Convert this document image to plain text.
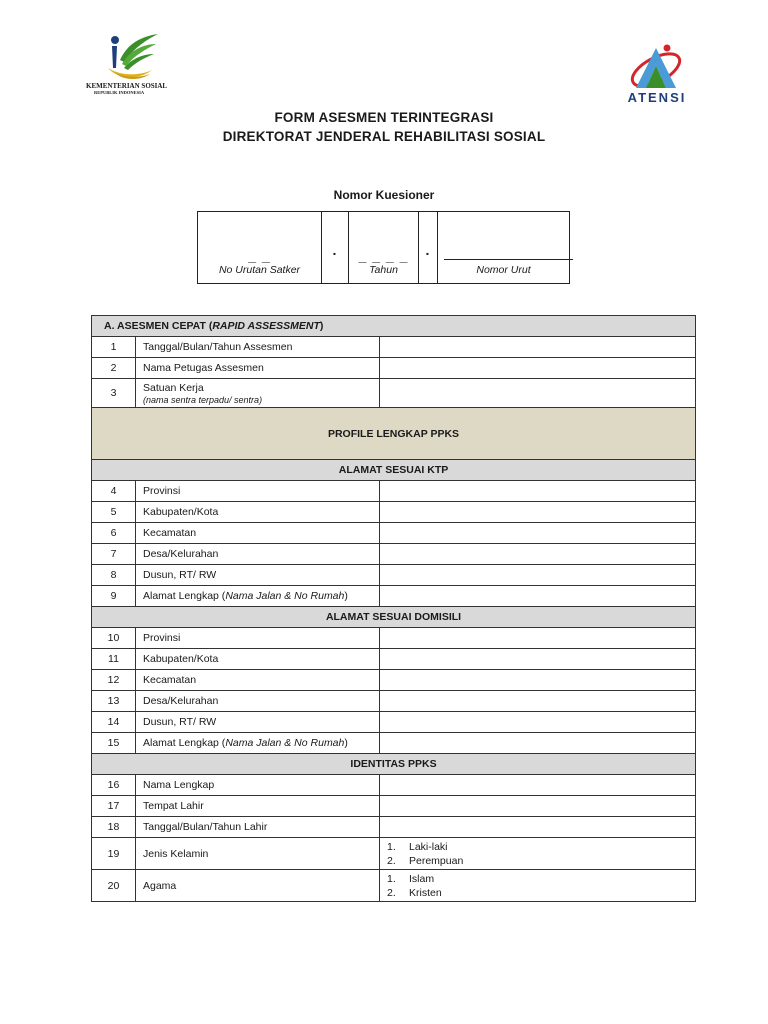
KEMENTERIAN SOSIAL
REPUBLIK INDONESIA	ATENSI
FORM ASESMEN TERINTEGRASI
DIREKTORAT JENDERAL REHABILITASI SOSIAL
Nomor Kuesioner
_ _
No Urutan Satker
.	_ _ _ _
Tahun
.
Nomor Urut
A. ASESMEN CEPAT (RAPID ASSESSMENT)		
1	Tanggal/Bulan/Tahun Assesmen	
2	Nama Petugas Assesmen	
3	Satuan Kerja
(nama sentra terpadu/ sentra)	

PROFILE LENGKAP PPKS		
ALAMAT SESUAI KTP		
4	Provinsi	
5	Kabupaten/Kota	
6	Kecamatan	
7	Desa/Kelurahan	
8	Dusun, RT/ RW	
9	Alamat Lengkap (Nama Jalan & No Rumah)	
ALAMAT SESUAI DOMISILI		
10	Provinsi	
11	Kabupaten/Kota	
12	Kecamatan	
13	Desa/Kelurahan	
14	Dusun, RT/ RW	
15	Alamat Lengkap (Nama Jalan & No Rumah)	
IDENTITAS PPKS		
16	Nama Lengkap	
17	Tempat Lahir	
18	Tanggal/Bulan/Tahun Lahir	
19	Jenis Kelamin	1. Laki-laki
2. Perempuan

20	Agama	1. Islam
2. Kristen
